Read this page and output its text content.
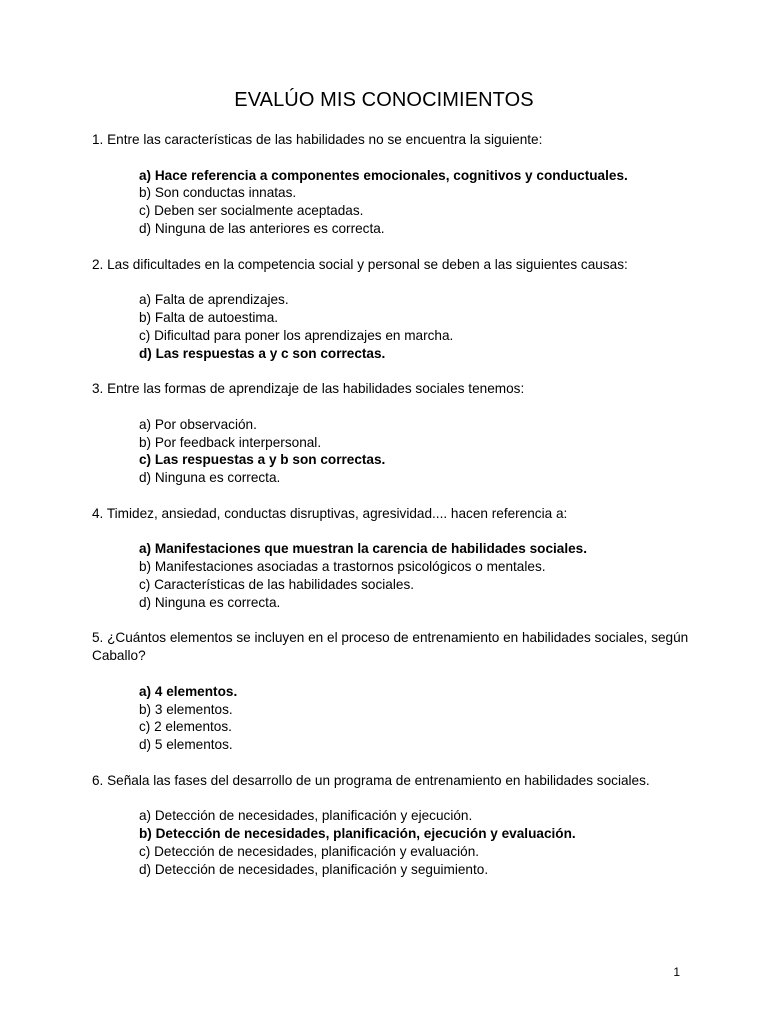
EVALÚO MIS CONOCIMIENTOS

1. Entre las características de las habilidades no se encuentra la siguiente:

a) Hace referencia a componentes emocionales, cognitivos y conductuales.
b) Son conductas innatas.
c) Deben ser socialmente aceptadas.
d) Ninguna de las anteriores es correcta.

2. Las dificultades en la competencia social y personal se deben a las siguientes causas:

a) Falta de aprendizajes.
b) Falta de autoestima.
c) Dificultad para poner los aprendizajes en marcha.
d) Las respuestas a y c son correctas.

3. Entre las formas de aprendizaje de las habilidades sociales tenemos:

a) Por observación.
b) Por feedback interpersonal.
c) Las respuestas a y b son correctas.
d) Ninguna es correcta.

4. Timidez, ansiedad, conductas disruptivas, agresividad.... hacen referencia a:

a) Manifestaciones que muestran la carencia de habilidades sociales.
b) Manifestaciones asociadas a trastornos psicológicos o mentales.
c) Características de las habilidades sociales.
d) Ninguna es correcta.

5. ¿Cuántos elementos se incluyen en el proceso de entrenamiento en habilidades sociales, según Caballo?

a) 4 elementos.
b) 3 elementos.
c) 2 elementos.
d) 5 elementos.

6. Señala las fases del desarrollo de un programa de entrenamiento en habilidades sociales.

a) Detección de necesidades, planificación y ejecución.
b) Detección de necesidades, planificación, ejecución y evaluación.
c) Detección de necesidades, planificación y evaluación.
d) Detección de necesidades, planificación y seguimiento.
1
